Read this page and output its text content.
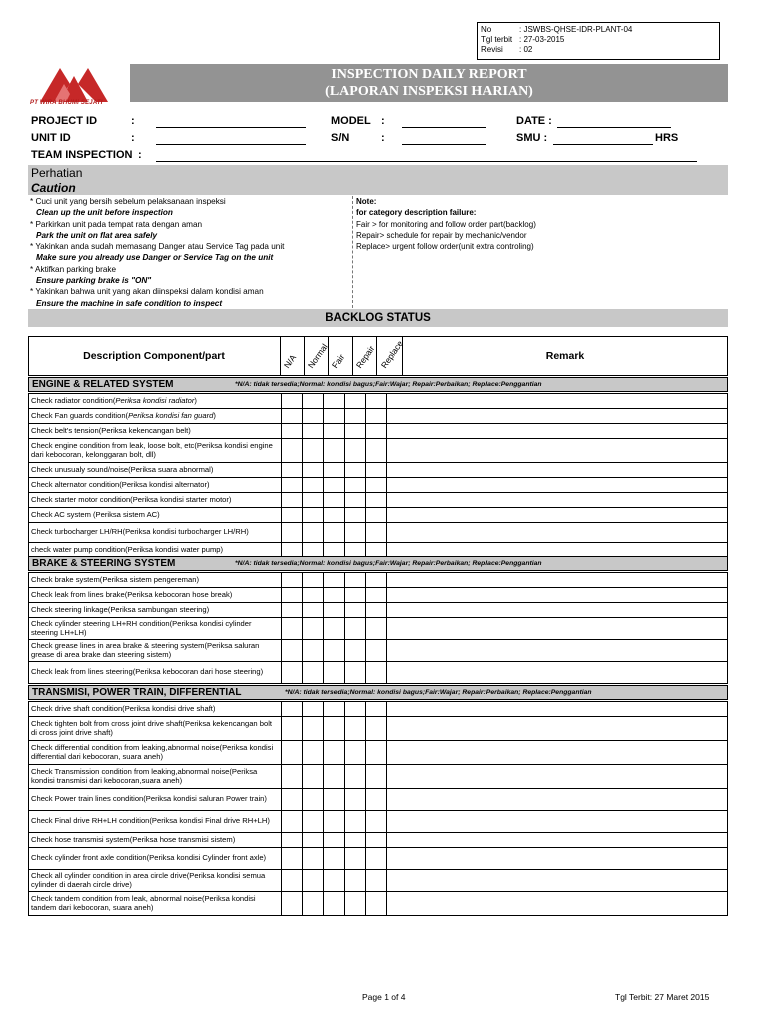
No	: JSWBS-QHSE-IDR-PLANT-04
Tgl terbit : 27-03-2015
Revisi	: 02
PT WIRA BHUMI SEJATI
INSPECTION DAILY REPORT
(LAPORAN INSPEKSI HARIAN)
PROJECT ID	:	MODEL :	DATE :
UNIT ID	:	S/N	:	SMU :	HRS
TEAM INSPECTION :
Perhatian
Caution
* Cuci unit yang bersih sebelum pelaksanaan inspeksi
Clean up the unit before inspection
* Parkirkan unit pada tempat rata dengan aman
Park the unit on flat area safely
* Yakinkan anda sudah memasang Danger atau Service Tag pada unit
Make sure you already use Danger or Service Tag on the unit
* Aktifkan parking brake
Ensure parking brake is "ON"
* Yakinkan bahwa unit yang akan diinspeksi dalam kondisi aman
Ensure the machine in safe condition to inspect
Note:
for category description failure:
Fair > for monitoring and follow order part(backlog)
Repair> schedule for repair by mechanic/vendor
Replace> urgent follow order(unit extra controling)
BACKLOG STATUS
Description Component/part	Remark
N/A Normal Fair Repair Replace
ENGINE & RELATED SYSTEM	*N/A: tidak tersedia;Normal: kondisi bagus;Fair:Wajar; Repair:Perbaikan; Replace:Penggantian
Check radiator condition(Periksa kondisi radiator)						
Check Fan guards condition(Periksa kondisi fan guard)						
Check belt's tension(Periksa kekencangan belt)						
Check engine condition from leak, loose bolt, etc(Periksa kondisi engine dari kebocoran, kelonggaran bolt, dll)						
Check unusualy sound/noise(Periksa suara abnormal)						
Check alternator condition(Periksa kondisi alternator)						
Check starter motor condition(Periksa kondisi starter motor)						
Check AC system (Periksa sistem AC)						
Check turbocharger LH/RH(Periksa kondisi turbocharger LH/RH)						
check water pump condition(Periksa kondisi water pump)						
BRAKE & STEERING SYSTEM	*N/A: tidak tersedia;Normal: kondisi bagus;Fair:Wajar; Repair:Perbaikan; Replace:Penggantian
Check brake system(Periksa sistem pengereman)						
Check leak from lines brake(Periksa kebocoran hose break)						
Check steering linkage(Periksa sambungan steering)						
Check cylinder steering LH+RH condition(Periksa kondisi cylinder steering LH+LH)						
Check grease lines in area brake & steering system(Periksa saluran grease di area brake dan steering sistem)						
Check leak from lines steering(Periksa kebocoran dari hose steering)						
TRANSMISI, POWER TRAIN, DIFFERENTIAL	*N/A: tidak tersedia;Normal: kondisi bagus;Fair:Wajar; Repair:Perbaikan; Replace:Penggantian
Check drive shaft condition(Periksa kondisi drive shaft)						
Check tighten bolt from cross joint drive shaft(Periksa kekencangan bolt di cross joint drive shaft)						
Check differential condition from leaking,abnormal noise(Periksa kondisi differential dari kebocoran, suara aneh)						
Check Transmission condition from leaking,abnormal noise(Periksa kondisi transmisi dari kebocoran,suara aneh)						
Check Power train lines condition(Periksa kondisi saluran Power train)						
Check Final drive RH+LH condition(Periksa kondisi Final drive RH+LH)						
Check hose transmisi system(Periksa hose transmisi sistem)						
Check cylinder front axle condition(Periksa kondisi Cylinder front axle)						
Check all cylinder condition in area circle drive(Periksa kondisi semua cylinder di daerah circle drive)						
Check tandem condition from leak, abnormal noise(Periksa kondisi tandem dari kebocoran, suara aneh)						
Page 1 of 4	Tgl Terbit: 27 Maret 2015
